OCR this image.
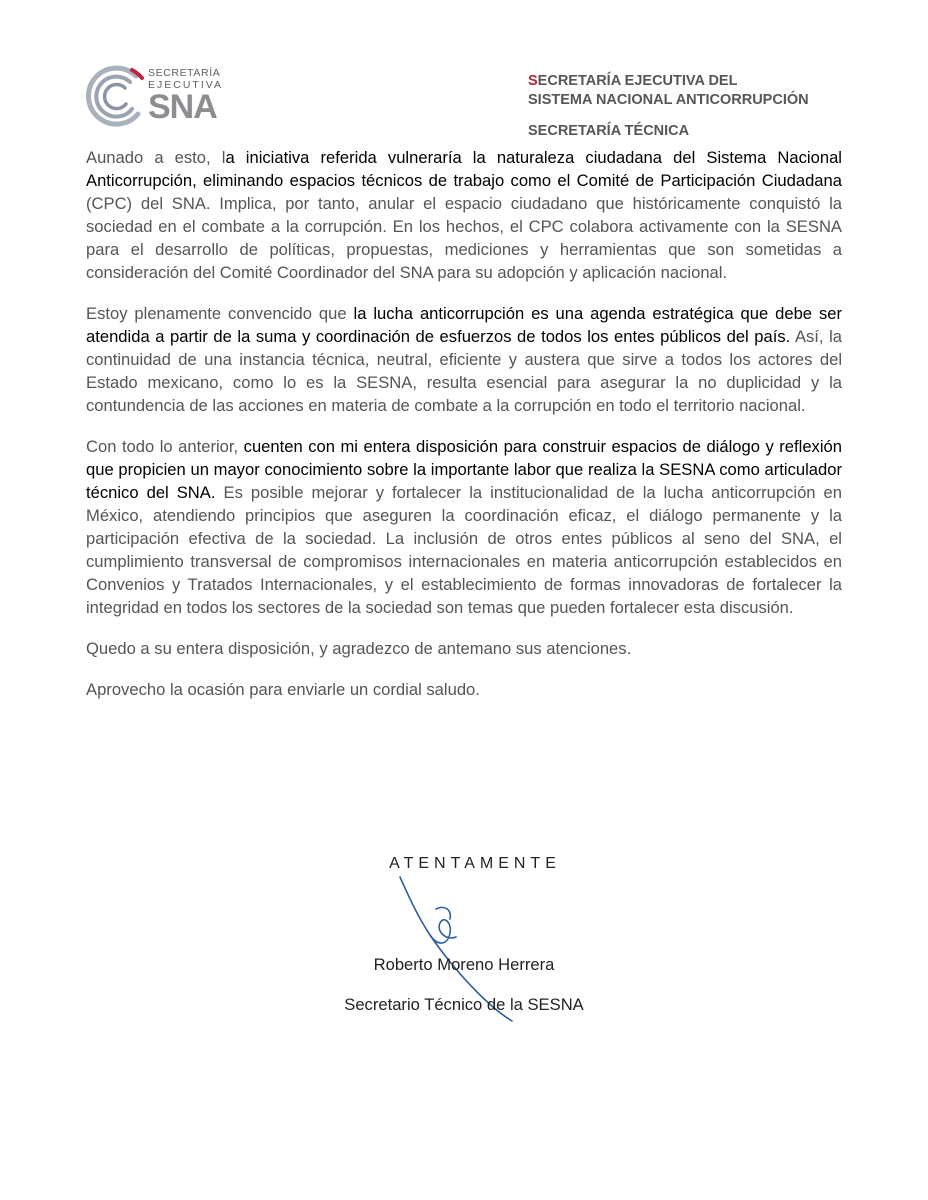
SECRETARÍA
EJECUTIVA
SNA
SECRETARÍA EJECUTIVA DEL
SISTEMA NACIONAL ANTICORRUPCIÓN
SECRETARÍA TÉCNICA

Aunado a esto, la iniciativa referida vulneraría la naturaleza ciudadana del Sistema Nacional Anticorrupción, eliminando espacios técnicos de trabajo como el Comité de Participación Ciudadana (CPC) del SNA. Implica, por tanto, anular el espacio ciudadano que históricamente conquistó la sociedad en el combate a la corrupción. En los hechos, el CPC colabora activamente con la SESNA para el desarrollo de políticas, propuestas, mediciones y herramientas que son sometidas a consideración del Comité Coordinador del SNA para su adopción y aplicación nacional.

Estoy plenamente convencido que la lucha anticorrupción es una agenda estratégica que debe ser atendida a partir de la suma y coordinación de esfuerzos de todos los entes públicos del país. Así, la continuidad de una instancia técnica, neutral, eficiente y austera que sirve a todos los actores del Estado mexicano, como lo es la SESNA, resulta esencial para asegurar la no duplicidad y la contundencia de las acciones en materia de combate a la corrupción en todo el territorio nacional.

Con todo lo anterior, cuenten con mi entera disposición para construir espacios de diálogo y reflexión que propicien un mayor conocimiento sobre la importante labor que realiza la SESNA como articulador técnico del SNA. Es posible mejorar y fortalecer la institucionalidad de la lucha anticorrupción en México, atendiendo principios que aseguren la coordinación eficaz, el diálogo permanente y la participación efectiva de la sociedad. La inclusión de otros entes públicos al seno del SNA, el cumplimiento transversal de compromisos internacionales en materia anticorrupción establecidos en Convenios y Tratados Internacionales, y el establecimiento de formas innovadoras de fortalecer la integridad en todos los sectores de la sociedad son temas que pueden fortalecer esta discusión.

Quedo a su entera disposición, y agradezco de antemano sus atenciones.

Aprovecho la ocasión para enviarle un cordial saludo.

ATENTAMENTE
Roberto Moreno Herrera
Secretario Técnico de la SESNA
